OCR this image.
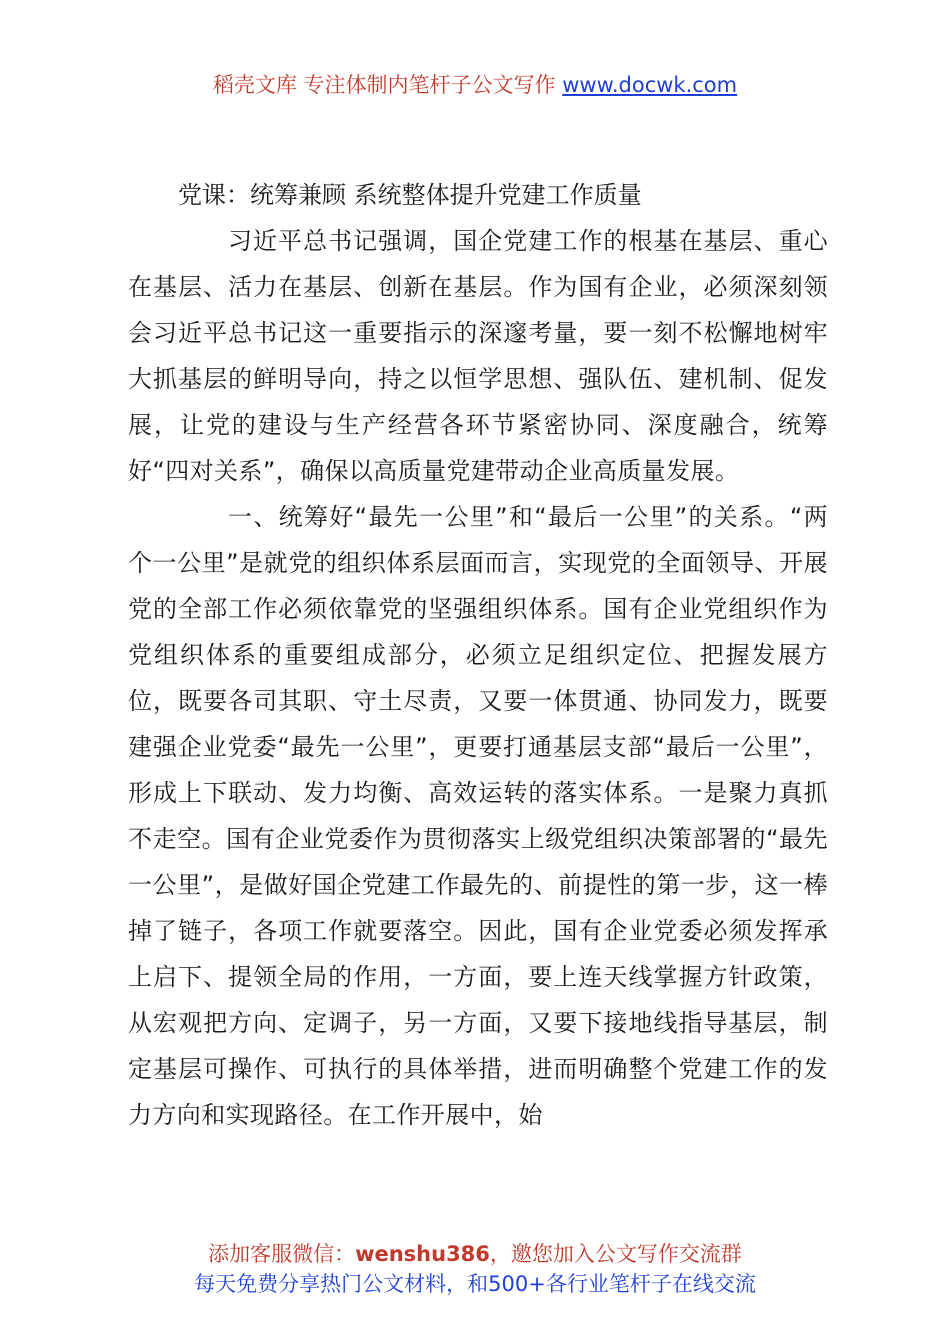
稻壳文库 专注体制内笔杆子公文写作 www.docwk.com
党课：统筹兼顾 系统整体提升党建工作质量

习近平总书记强调，国企党建工作的根基在基层、重心在基层、活力在基层、创新在基层。作为国有企业，必须深刻领会习近平总书记这一重要指示的深邃考量，要一刻不松懈地树牢大抓基层的鲜明导向，持之以恒学思想、强队伍、建机制、促发展，让党的建设与生产经营各环节紧密协同、深度融合，统筹好“四对关系”，确保以高质量党建带动企业高质量发展。

一、统筹好“最先一公里”和“最后一公里”的关系。“两个一公里”是就党的组织体系层面而言，实现党的全面领导、开展党的全部工作必须依靠党的坚强组织体系。国有企业党组织作为党组织体系的重要组成部分，必须立足组织定位、把握发展方位，既要各司其职、守土尽责，又要一体贯通、协同发力，既要建强企业党委“最先一公里”，更要打通基层支部“最后一公里”，形成上下联动、发力均衡、高效运转的落实体系。一是聚力真抓不走空。国有企业党委作为贯彻落实上级党组织决策部署的“最先一公里”，是做好国企党建工作最先的、前提性的第一步，这一棒掉了链子，各项工作就要落空。因此，国有企业党委必须发挥承上启下、提领全局的作用，一方面，要上连天线掌握方针政策，从宏观把方向、定调子，另一方面，又要下接地线指导基层，制定基层可操作、可执行的具体举措，进而明确整个党建工作的发力方向和实现路径。在工作开展中，始

添加客服微信：wenshu386，邀您加入公文写作交流群
每天免费分享热门公文材料，和500+各行业笔杆子在线交流
